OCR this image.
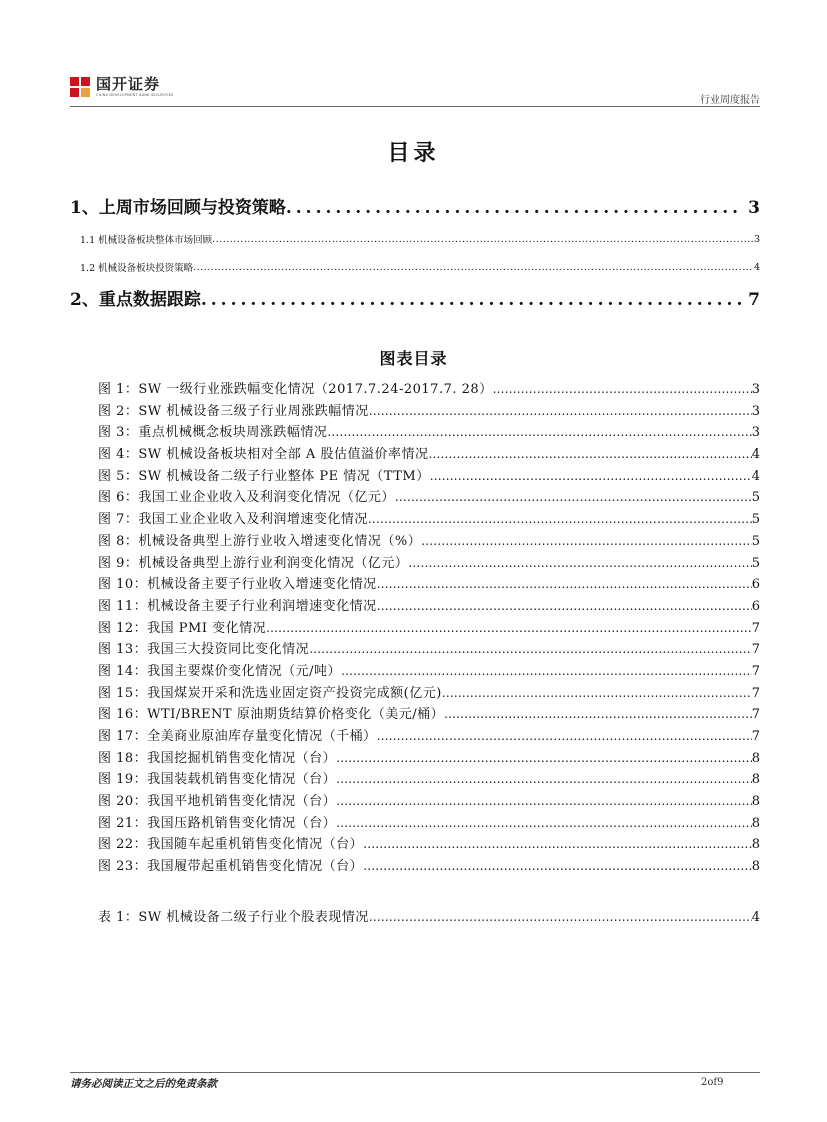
国开证券
CHINA DEVELOPMENT BANK SECURITIES	行业周度报告
目录
1、上周市场回顾与投资策略 .....	3
1.1 机械设备板块整体市场回顾 .....	3
1.2 机械设备板块投资策略 .....	4
2、重点数据跟踪 .....	7
图表目录
图 1：SW 一级行业涨跌幅变化情况（2017.7.24-2017.7. 28） .....	3
图 2：SW 机械设备三级子行业周涨跌幅情况 .....	3
图 3：重点机械概念板块周涨跌幅情况 .....	3
图 4：SW 机械设备板块相对全部 A 股估值溢价率情况 .....	4
图 5：SW 机械设备二级子行业整体 PE 情况（TTM） .....	4
图 6：我国工业企业收入及利润变化情况（亿元） .....	5
图 7：我国工业企业收入及利润增速变化情况 .....	5
图 8：机械设备典型上游行业收入增速变化情况（%） .....	5
图 9：机械设备典型上游行业利润变化情况（亿元） .....	5
图 10：机械设备主要子行业收入增速变化情况 .....	6
图 11：机械设备主要子行业利润增速变化情况 .....	6
图 12：我国 PMI 变化情况 .....	7
图 13：我国三大投资同比变化情况 .....	7
图 14：我国主要煤价变化情况（元/吨） .....	7
图 15：我国煤炭开采和洗选业固定资产投资完成额(亿元) .....	7
图 16：WTI/BRENT 原油期货结算价格变化（美元/桶） .....	7
图 17：全美商业原油库存量变化情况（千桶） .....	7
图 18：我国挖掘机销售变化情况（台） .....	8
图 19：我国装载机销售变化情况（台） .....	8
图 20：我国平地机销售变化情况（台） .....	8
图 21：我国压路机销售变化情况（台） .....	8
图 22：我国随车起重机销售变化情况（台） .....	8
图 23：我国履带起重机销售变化情况（台） .....	8
表 1：SW 机械设备二级子行业个股表现情况 .....	4
请务必阅读正文之后的免责条款	2of9
